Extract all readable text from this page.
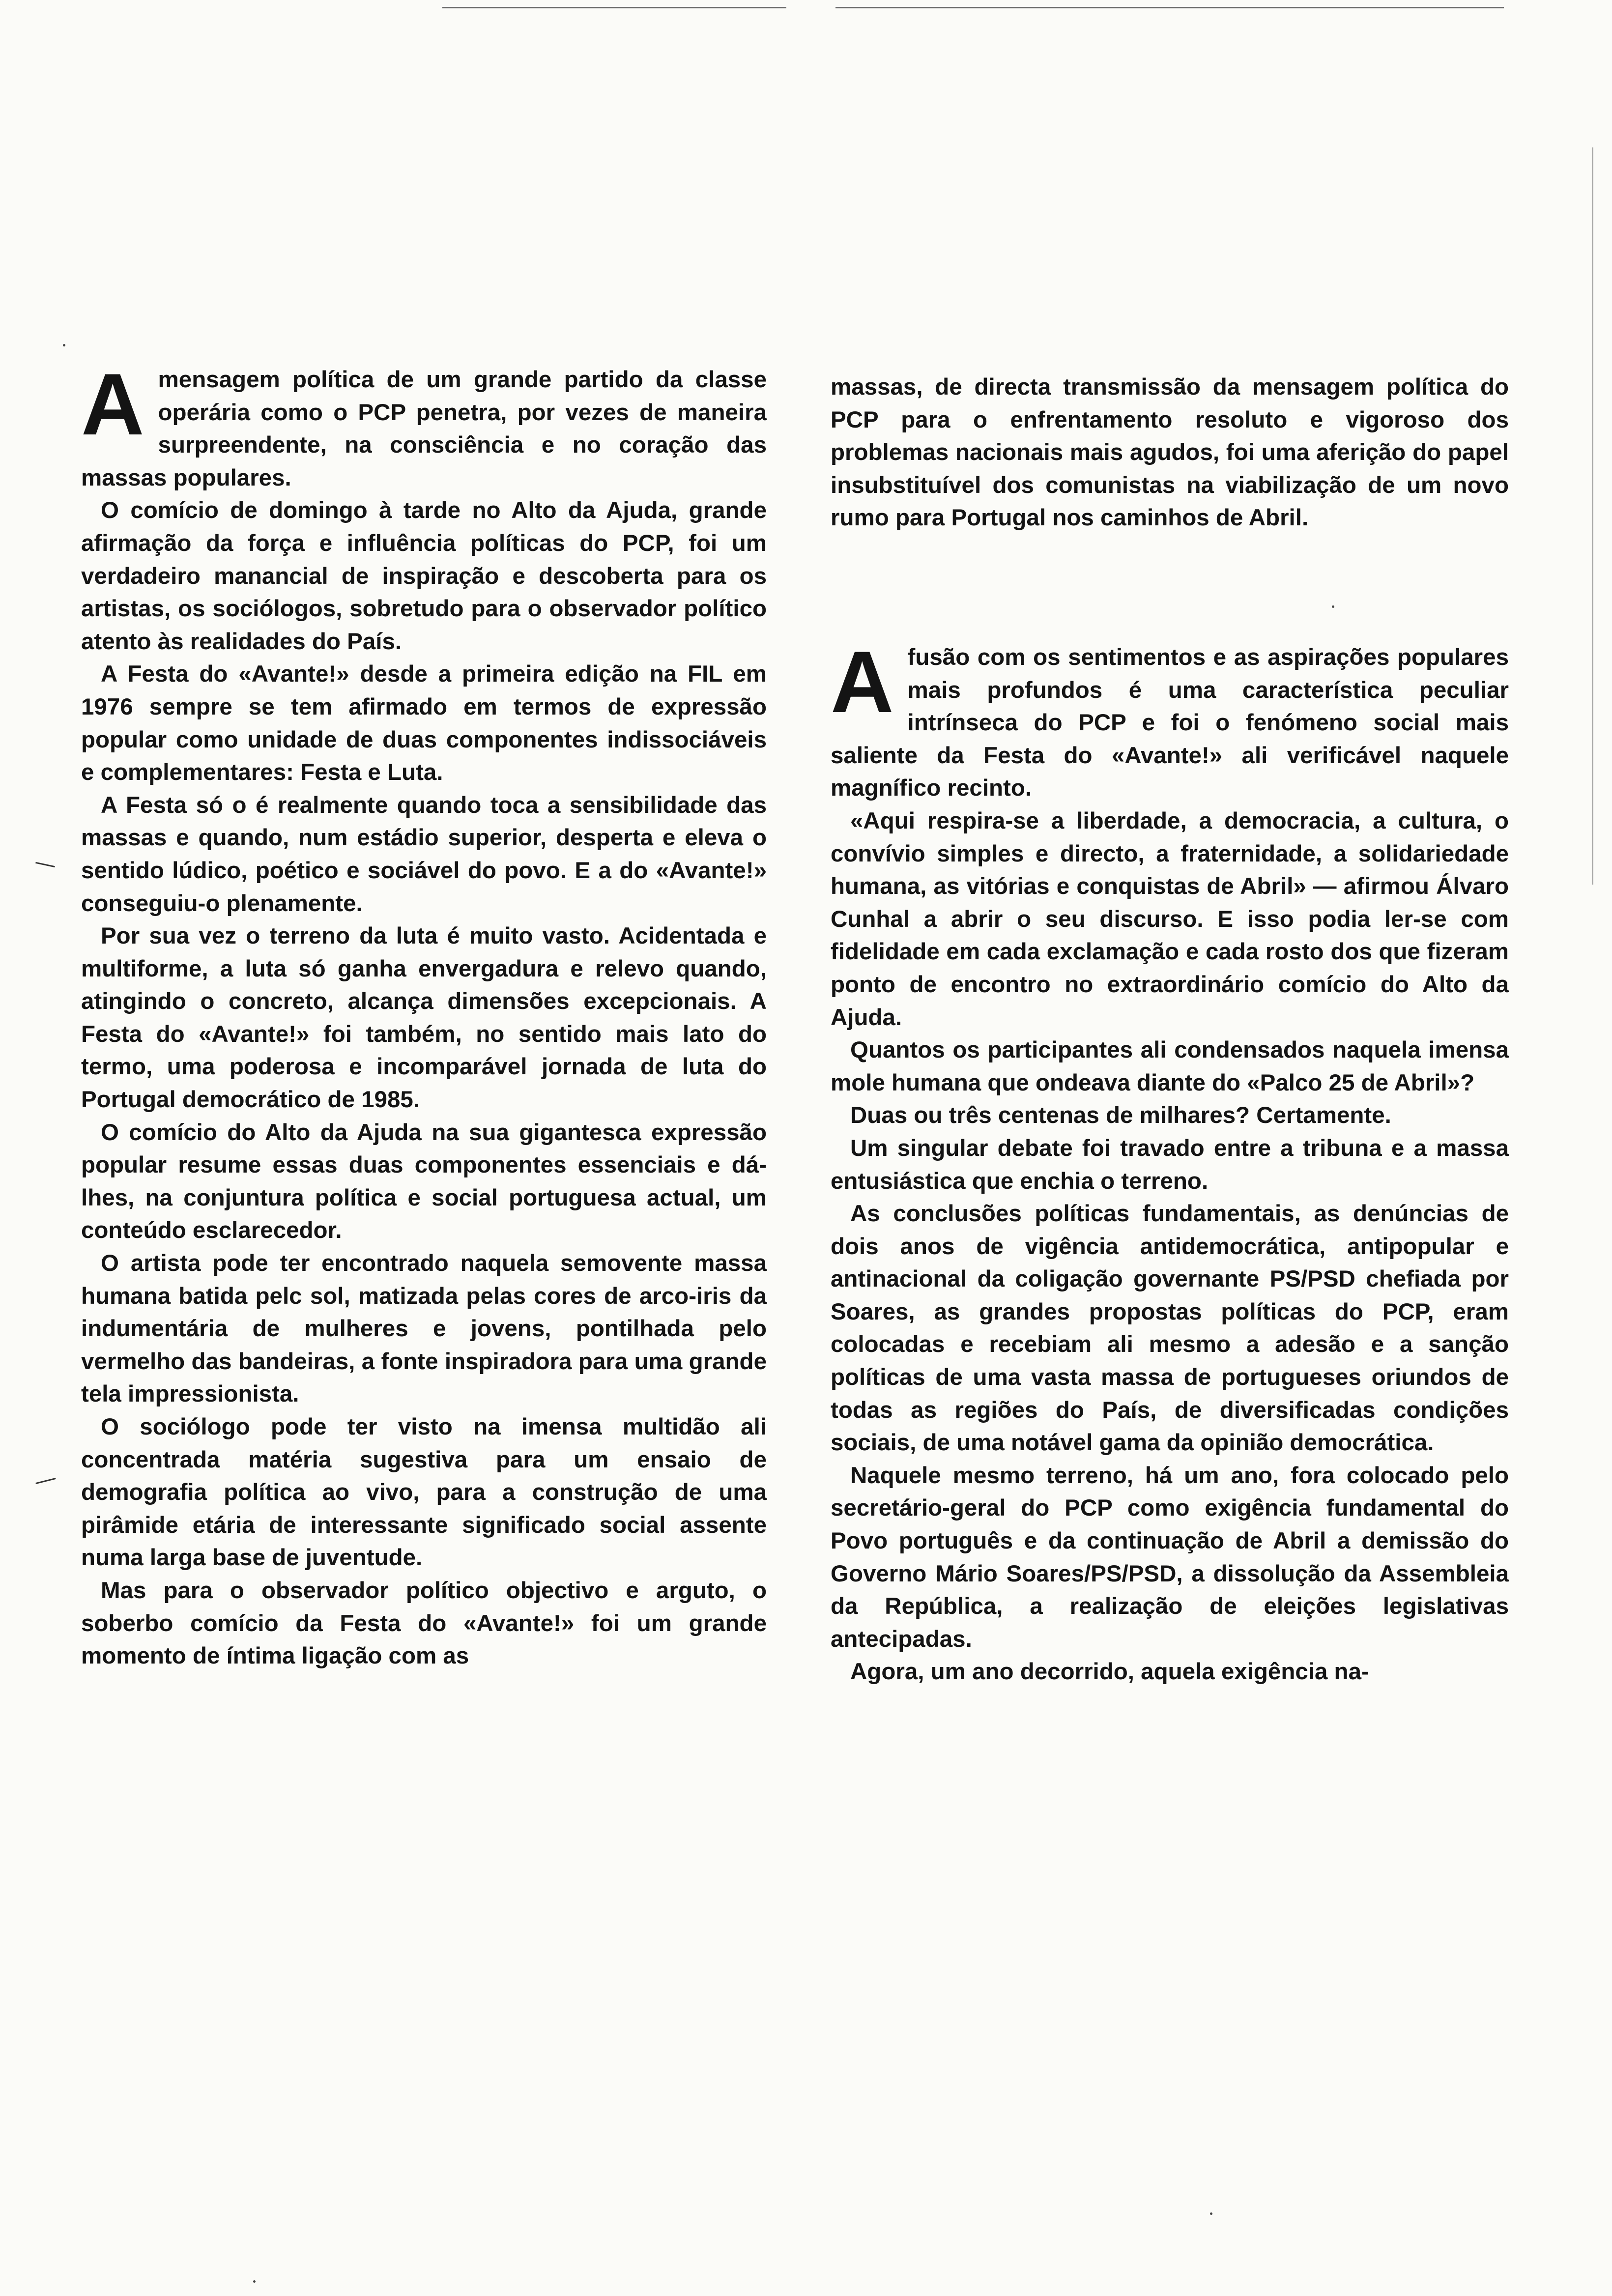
A mensagem política de um grande partido da classe operária como o PCP penetra, por vezes de maneira surpreendente, na consciência e no coração das massas populares.

O comício de domingo à tarde no Alto da Ajuda, grande afirmação da força e influência políticas do PCP, foi um verdadeiro manancial de inspiração e descoberta para os artistas, os sociólogos, sobretudo para o observador político atento às realidades do País.

A Festa do «Avante!» desde a primeira edição na FIL em 1976 sempre se tem afirmado em termos de expressão popular como unidade de duas componentes indissociáveis e complementares: Festa e Luta.

A Festa só o é realmente quando toca a sensibilidade das massas e quando, num estádio superior, desperta e eleva o sentido lúdico, poético e sociável do povo. E a do «Avante!» conseguiu-o plenamente.

Por sua vez o terreno da luta é muito vasto. Acidentada e multiforme, a luta só ganha envergadura e relevo quando, atingindo o concreto, alcança dimensões excepcionais. A Festa do «Avante!» foi também, no sentido mais lato do termo, uma poderosa e incomparável jornada de luta do Portugal democrático de 1985.

O comício do Alto da Ajuda na sua gigantesca expressão popular resume essas duas componentes essenciais e dá-lhes, na conjuntura política e social portuguesa actual, um conteúdo esclarecedor.

O artista pode ter encontrado naquela semovente massa humana batida pelc sol, matizada pelas cores de arco-iris da indumentária de mulheres e jovens, pontilhada pelo vermelho das bandeiras, a fonte inspiradora para uma grande tela impressionista.

O sociólogo pode ter visto na imensa multidão ali concentrada matéria sugestiva para um ensaio de demografia política ao vivo, para a construção de uma pirâmide etária de interessante significado social assente numa larga base de juventude.

Mas para o observador político objectivo e arguto, o soberbo comício da Festa do «Avante!» foi um grande momento de íntima ligação com as

massas, de directa transmissão da mensagem política do PCP para o enfrentamento resoluto e vigoroso dos problemas nacionais mais agudos, foi uma aferição do papel insubstituível dos comunistas na viabilização de um novo rumo para Portugal nos caminhos de Abril.

A fusão com os sentimentos e as aspirações populares mais profundos é uma característica peculiar intrínseca do PCP e foi o fenómeno social mais saliente da Festa do «Avante!» ali verificável naquele magnífico recinto.

«Aqui respira-se a liberdade, a democracia, a cultura, o convívio simples e directo, a fraternidade, a solidariedade humana, as vitórias e conquistas de Abril» — afirmou Álvaro Cunhal a abrir o seu discurso. E isso podia ler-se com fidelidade em cada exclamação e cada rosto dos que fizeram ponto de encontro no extraordinário comício do Alto da Ajuda.

Quantos os participantes ali condensados naquela imensa mole humana que ondeava diante do «Palco 25 de Abril»?

Duas ou três centenas de milhares? Certamente.

Um singular debate foi travado entre a tribuna e a massa entusiástica que enchia o terreno.

As conclusões políticas fundamentais, as denúncias de dois anos de vigência antidemocrática, antipopular e antinacional da coligação governante PS/PSD chefiada por Soares, as grandes propostas políticas do PCP, eram colocadas e recebiam ali mesmo a adesão e a sanção políticas de uma vasta massa de portugueses oriundos de todas as regiões do País, de diversificadas condições sociais, de uma notável gama da opinião democrática.

Naquele mesmo terreno, há um ano, fora colocado pelo secretário-geral do PCP como exigência fundamental do Povo português e da continuação de Abril a demissão do Governo Mário Soares/PS/PSD, a dissolução da Assembleia da República, a realização de eleições legislativas antecipadas.

Agora, um ano decorrido, aquela exigência na-
